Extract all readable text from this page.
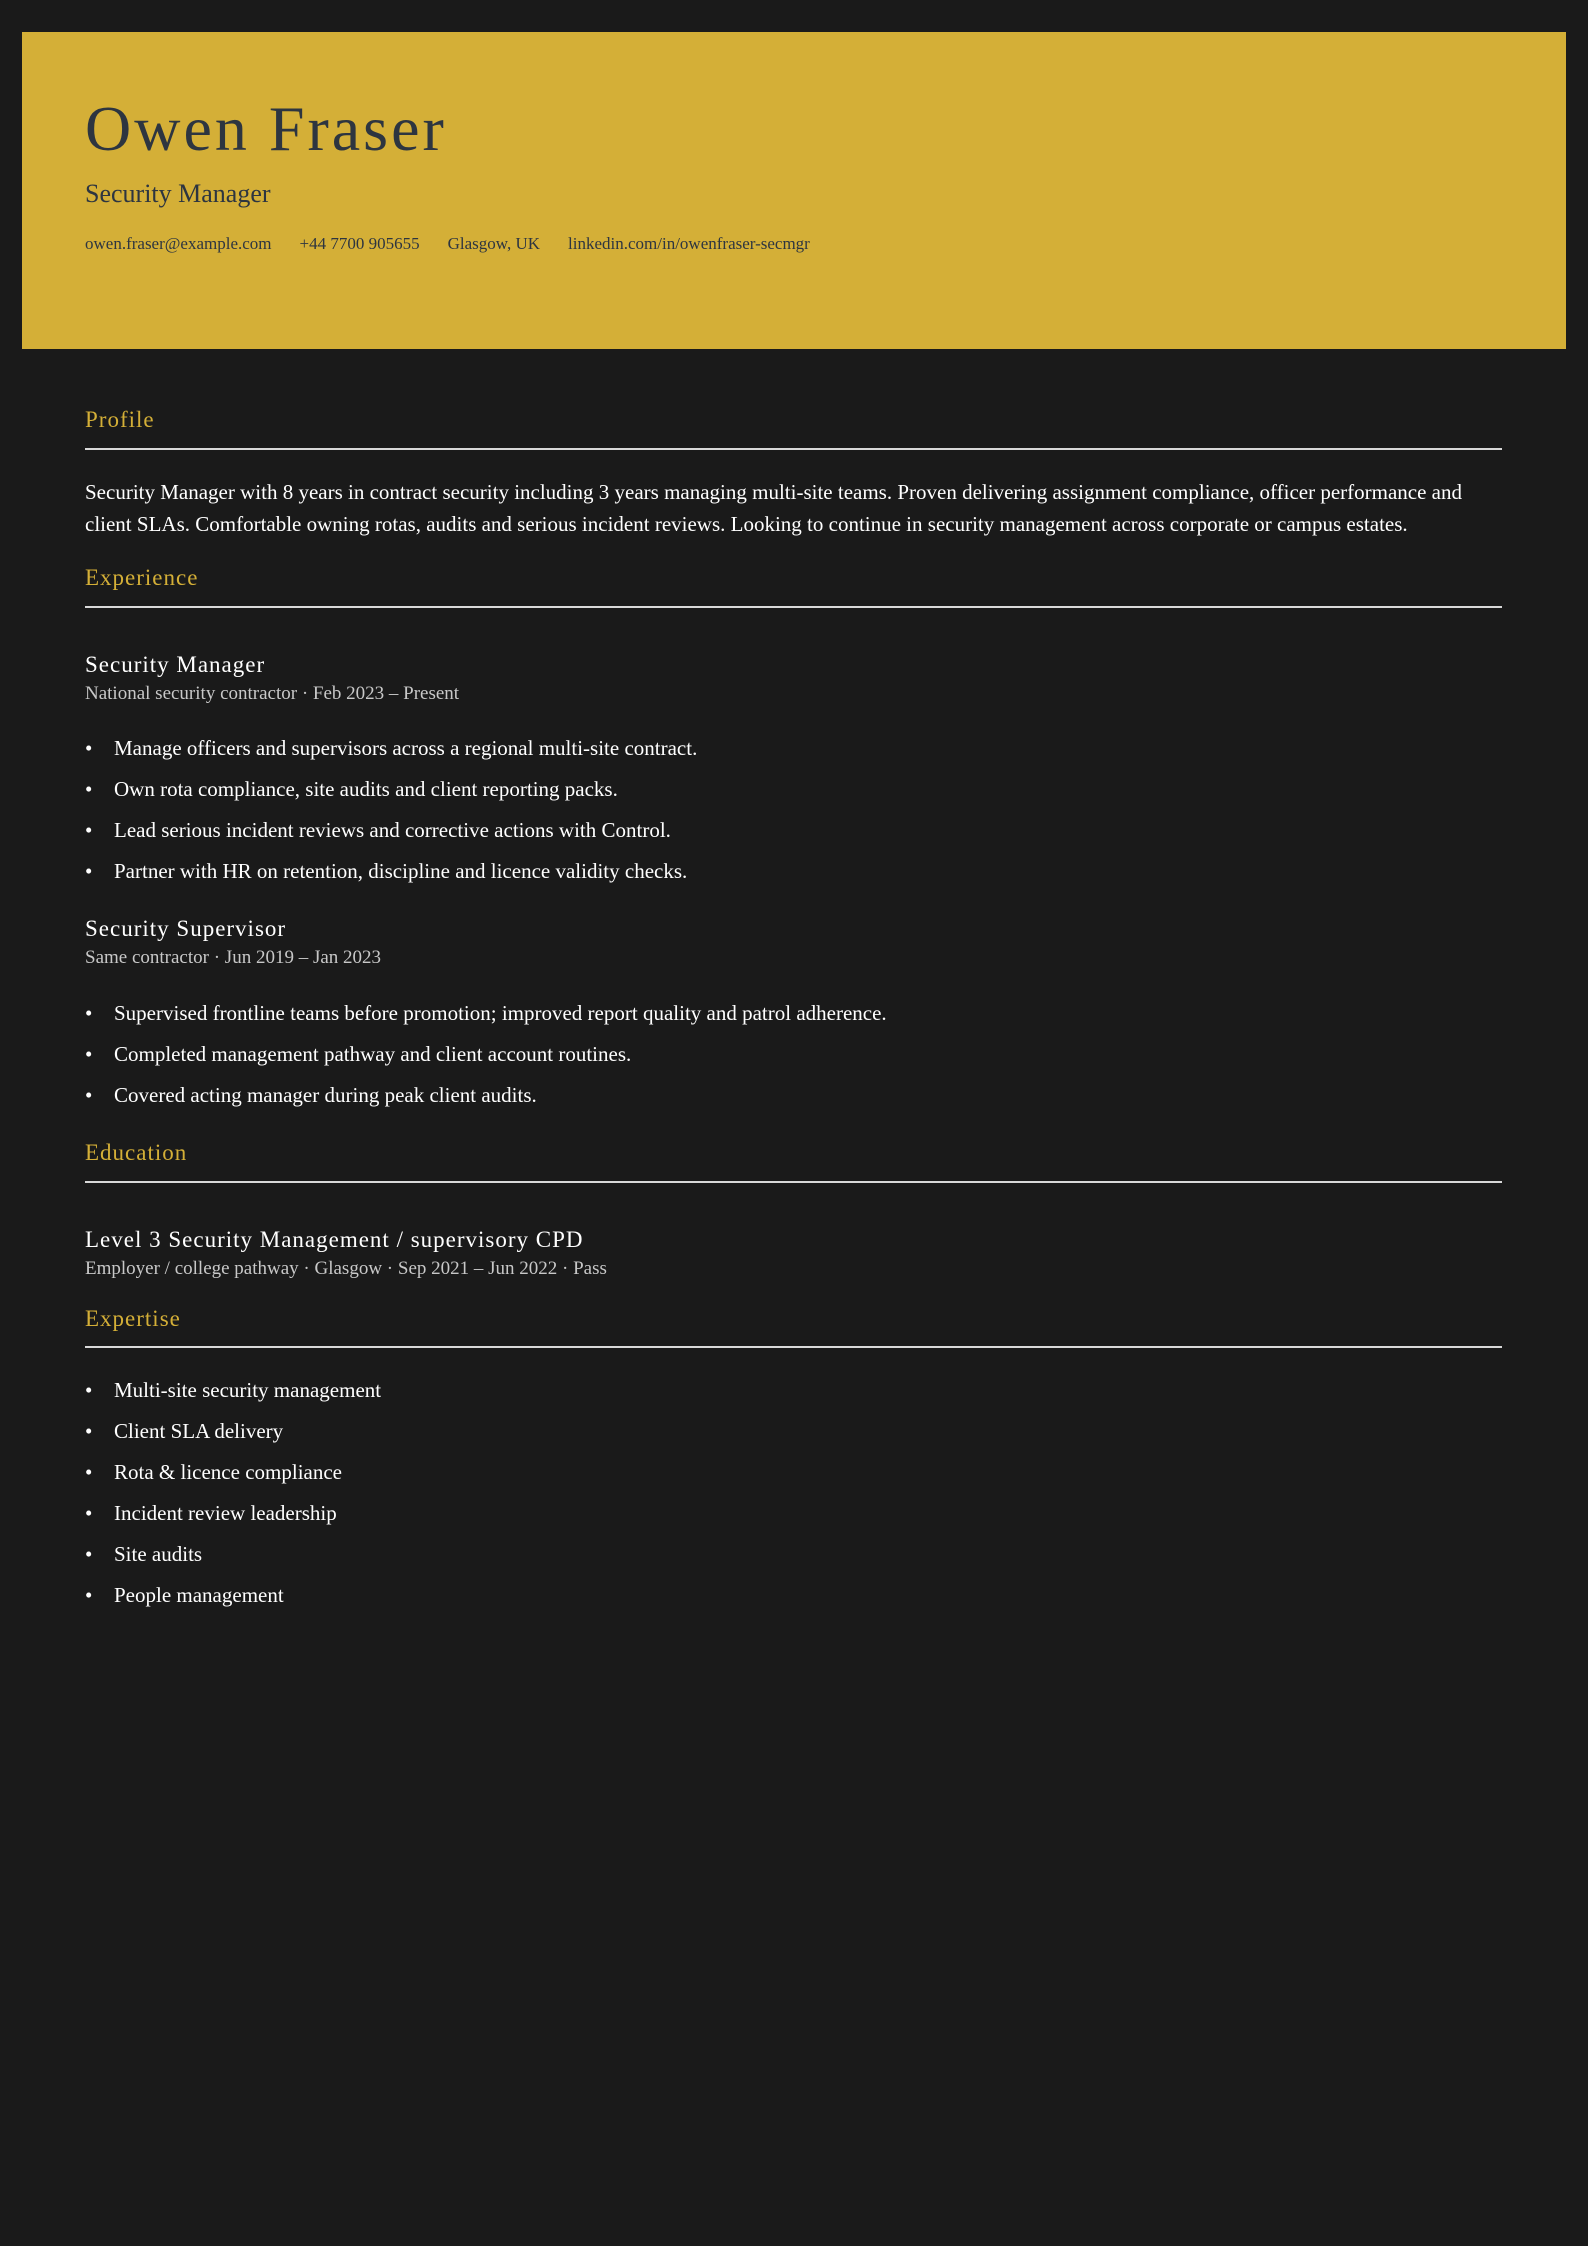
Owen Fraser
Security Manager
owen.fraser@example.com +44 7700 905655 Glasgow, UK linkedin.com/in/owenfraser-secmgr
Profile

Security Manager with 8 years in contract security including 3 years managing multi-site teams. Proven delivering assignment compliance, officer performance and client SLAs. Comfortable owning rotas, audits and serious incident reviews. Looking to continue in security management across corporate or campus estates.

Experience
Security Manager
National security contractor · Feb 2023 – Present
• Manage officers and supervisors across a regional multi-site contract.
• Own rota compliance, site audits and client reporting packs.
• Lead serious incident reviews and corrective actions with Control.
• Partner with HR on retention, discipline and licence validity checks.
Security Supervisor
Same contractor · Jun 2019 – Jan 2023
• Supervised frontline teams before promotion; improved report quality and patrol adherence.
• Completed management pathway and client account routines.
• Covered acting manager during peak client audits.
Education
Level 3 Security Management / supervisory CPD
Employer / college pathway · Glasgow · Sep 2021 – Jun 2022 · Pass
Expertise
• Multi-site security management
• Client SLA delivery
• Rota & licence compliance
• Incident review leadership
• Site audits
• People management
